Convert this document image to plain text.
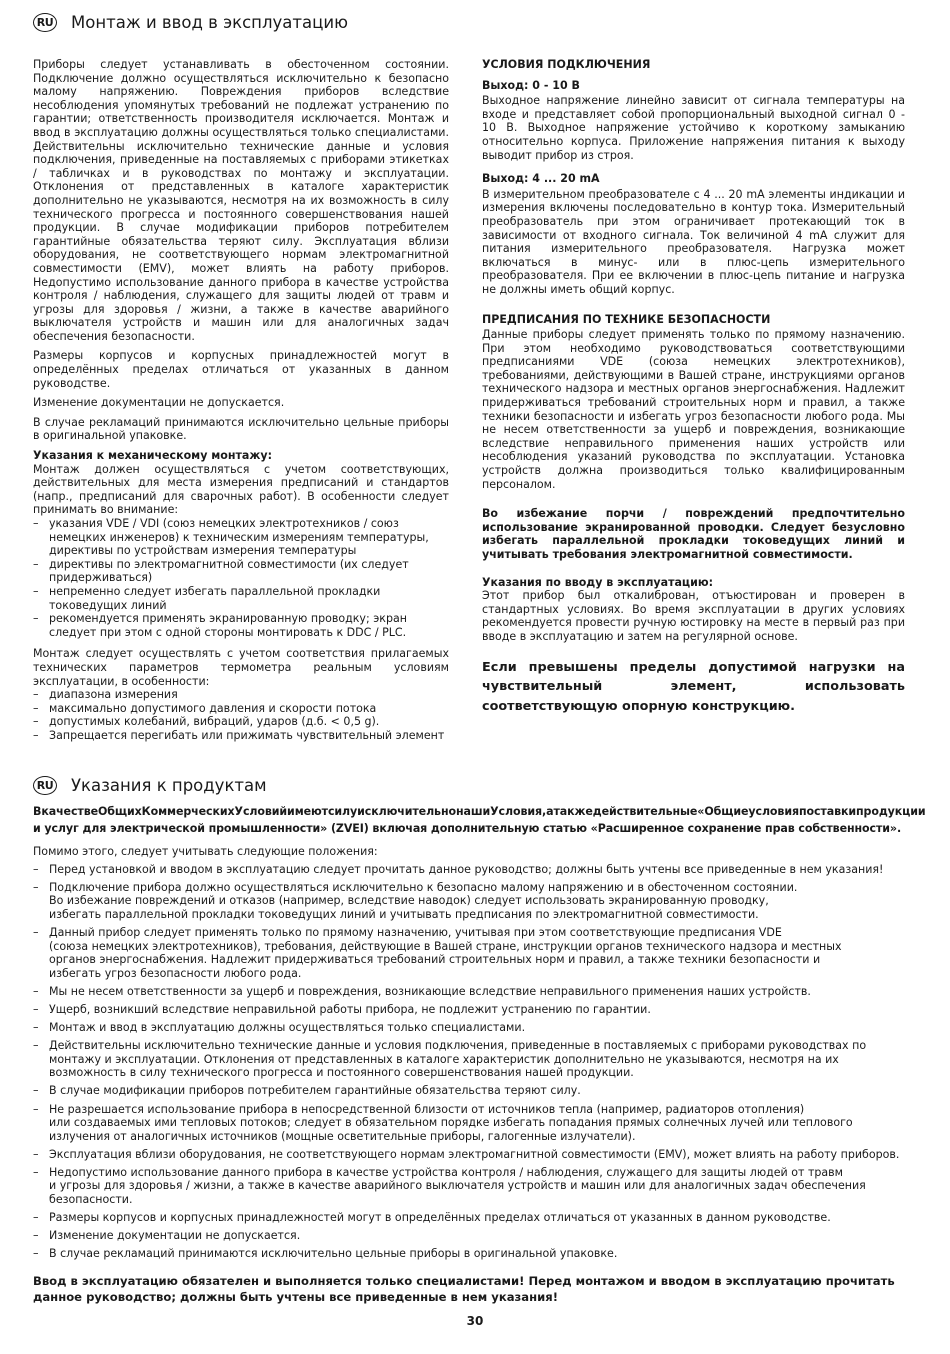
RU Монтаж и ввод в эксплуатацию

Приборы следует устанавливать в обесточенном состоянии. Подключение должно осуществляться исключительно к безопасно малому напряжению. Повреждения приборов вследствие несоблюдения упомянутых требований не подлежат устранению по гарантии; ответственность производителя исключается. Монтаж и ввод в эксплуатацию должны осуществляться только специалистами. Действительны исключительно технические данные и условия подключения, приведенные на поставляемых с приборами этикетках / табличках и в руководствах по монтажу и эксплуатации. Отклонения от представленных в каталоге характеристик дополнительно не указываются, несмотря на их возможность в силу технического прогресса и постоянного совершенствования нашей продукции. В случае модификации приборов потребителем гарантийные обязательства теряют силу. Эксплуатация вблизи оборудования, не соответствующего нормам электромагнитной совместимости (EMV), может влиять на работу приборов. Недопустимо использование данного прибора в качестве устройства контроля / наблюдения, служащего для защиты людей от травм и угрозы для здоровья / жизни, а также в качестве аварийного выключателя устройств и машин или для аналогичных задач обеспечения безопасности.

Размеры корпусов и корпусных принадлежностей могут в определённых пределах отличаться от указанных в данном руководстве.

Изменение документации не допускается.

В случае рекламаций принимаются исключительно цельные приборы в оригинальной упаковке.

Указания к механическому монтажу:

Монтаж должен осуществляться с учетом соответствующих, действительных для места измерения предписаний и стандартов (напр., предписаний для сварочных работ). В особенности следует принимать во внимание:

– указания VDE / VDI (союз немецких электротехников / союз немецких инженеров) к техническим измерениям температуры, директивы по устройствам измерения температуры
– директивы по электромагнитной совместимости (их следует придерживаться)
– непременно следует избегать параллельной прокладки токоведущих линий
– рекомендуется применять экранированную проводку; экран следует при этом с одной стороны монтировать к DDC / PLC.

Монтаж следует осуществлять с учетом соответствия прилагаемых технических параметров термометра реальным условиям эксплуатации, в особенности:

– диапазона измерения
– максимально допустимого давления и скорости потока
– допустимых колебаний, вибраций, ударов (д.б. < 0,5 g).
– Запрещается перегибать или прижимать чувствительный элемент
УСЛОВИЯ ПОДКЛЮЧЕНИЯ
Выход: 0 - 10 В

Выходное напряжение линейно зависит от сигнала температуры на входе и представляет собой пропорциональный выходной сигнал 0 - 10 В. Выходное напряжение устойчиво к короткому замыканию относительно корпуса. Приложение напряжения питания к выходу выводит прибор из строя.

Выход: 4 ... 20 mA

В измерительном преобразователе с 4 ... 20 mA элементы индикации и измерения включены последовательно в контур тока. Измерительный преобразователь при этом ограничивает протекающий ток в зависимости от входного сигнала. Ток величиной 4 mA служит для питания измерительного преобразователя. Нагрузка может включаться в минус- или в плюс-цепь измерительного преобразователя. При ее включении в плюс-цепь питание и нагрузка не должны иметь общий корпус.

ПРЕДПИСАНИЯ ПО ТЕХНИКЕ БЕЗОПАСНОСТИ

Данные приборы следует применять только по прямому назначению. При этом необходимо руководствоваться соответствующими предписаниями VDE (союза немецких электротехников), требованиями, действующими в Вашей стране, инструкциями органов технического надзора и местных органов энергоснабжения. Надлежит придерживаться требований строительных норм и правил, а также техники безопасности и избегать угроз безопасности любого рода. Мы не несем ответственности за ущерб и повреждения, возникающие вследствие неправильного применения наших устройств или несоблюдения указаний руководства по эксплуатации. Установка устройств должна производиться только квалифицированным персоналом.

Во избежание порчи / повреждений предпочтительно использование экранированной проводки. Следует безусловно избегать параллельной прокладки токоведущих линий и учитывать требования электромагнитной совместимости.

Указания по вводу в эксплуатацию:

Этот прибор был откалиброван, отъюстирован и проверен в стандартных условиях. Во время эксплуатации в других условиях рекомендуется провести ручную юстировку на месте в первый раз при вводе в эксплуатацию и затем на регулярной основе.

Если превышены пределы допустимой нагрузки на чувствительный элемент, использовать соответствующую опорную конструкцию.

RU Указания к продуктам

ВкачествеОбщихКоммерческихУсловийимеютсилуисключительнонашиУсловия,атакжедействительные«Общиеусловияпоставкипродукции и услуг для электрической промышленности» (ZVEI) включая дополнительную статью «Расширенное сохранение прав собственности».

Помимо этого, следует учитывать следующие положения:

– Перед установкой и вводом в эксплуатацию следует прочитать данное руководство; должны быть учтены все приведенные в нем указания!
– Подключение прибора должно осуществляться исключительно к безопасно малому напряжению и в обесточенном состоянии.
Во избежание повреждений и отказов (например, вследствие наводок) следует использовать экранированную проводку,
избегать параллельной прокладки токоведущих линий и учитывать предписания по электромагнитной совместимости.
– Данный прибор следует применять только по прямому назначению, учитывая при этом соответствующие предписания VDE
(союза немецких электротехников), требования, действующие в Вашей стране, инструкции органов технического надзора и местных
органов энергоснабжения. Надлежит придерживаться требований строительных норм и правил, а также техники безопасности и
избегать угроз безопасности любого рода.
– Мы не несем ответственности за ущерб и повреждения, возникающие вследствие неправильного применения наших устройств.
– Ущерб, возникший вследствие неправильной работы прибора, не подлежит устранению по гарантии.
– Монтаж и ввод в эксплуатацию должны осуществляться только специалистами.
– Действительны исключительно технические данные и условия подключения, приведенные в поставляемых с приборами руководствах по
монтажу и эксплуатации. Отклонения от представленных в каталоге характеристик дополнительно не указываются, несмотря на их
возможность в силу технического прогресса и постоянного совершенствования нашей продукции.
– В случае модификации приборов потребителем гарантийные обязательства теряют силу.
– Не разрешается использование прибора в непосредственной близости от источников тепла (например, радиаторов отопления)
или создаваемых ими тепловых потоков; следует в обязательном порядке избегать попадания прямых солнечных лучей или теплового
излучения от аналогичных источников (мощные осветительные приборы, галогенные излучатели).
– Эксплуатация вблизи оборудования, не соответствующего нормам электромагнитной совместимости (EMV), может влиять на работу приборов.
– Недопустимо использование данного прибора в качестве устройства контроля / наблюдения, служащего для защиты людей от травм
и угрозы для здоровья / жизни, а также в качестве аварийного выключателя устройств и машин или для аналогичных задач обеспечения
безопасности.
– Размеры корпусов и корпусных принадлежностей могут в определённых пределах отличаться от указанных в данном руководстве.
– Изменение документации не допускается.
– В случае рекламаций принимаются исключительно цельные приборы в оригинальной упаковке.

Ввод в эксплуатацию обязателен и выполняется только специалистами! Перед монтажом и вводом в эксплуатацию прочитать данное руководство; должны быть учтены все приведенные в нем указания!

30
